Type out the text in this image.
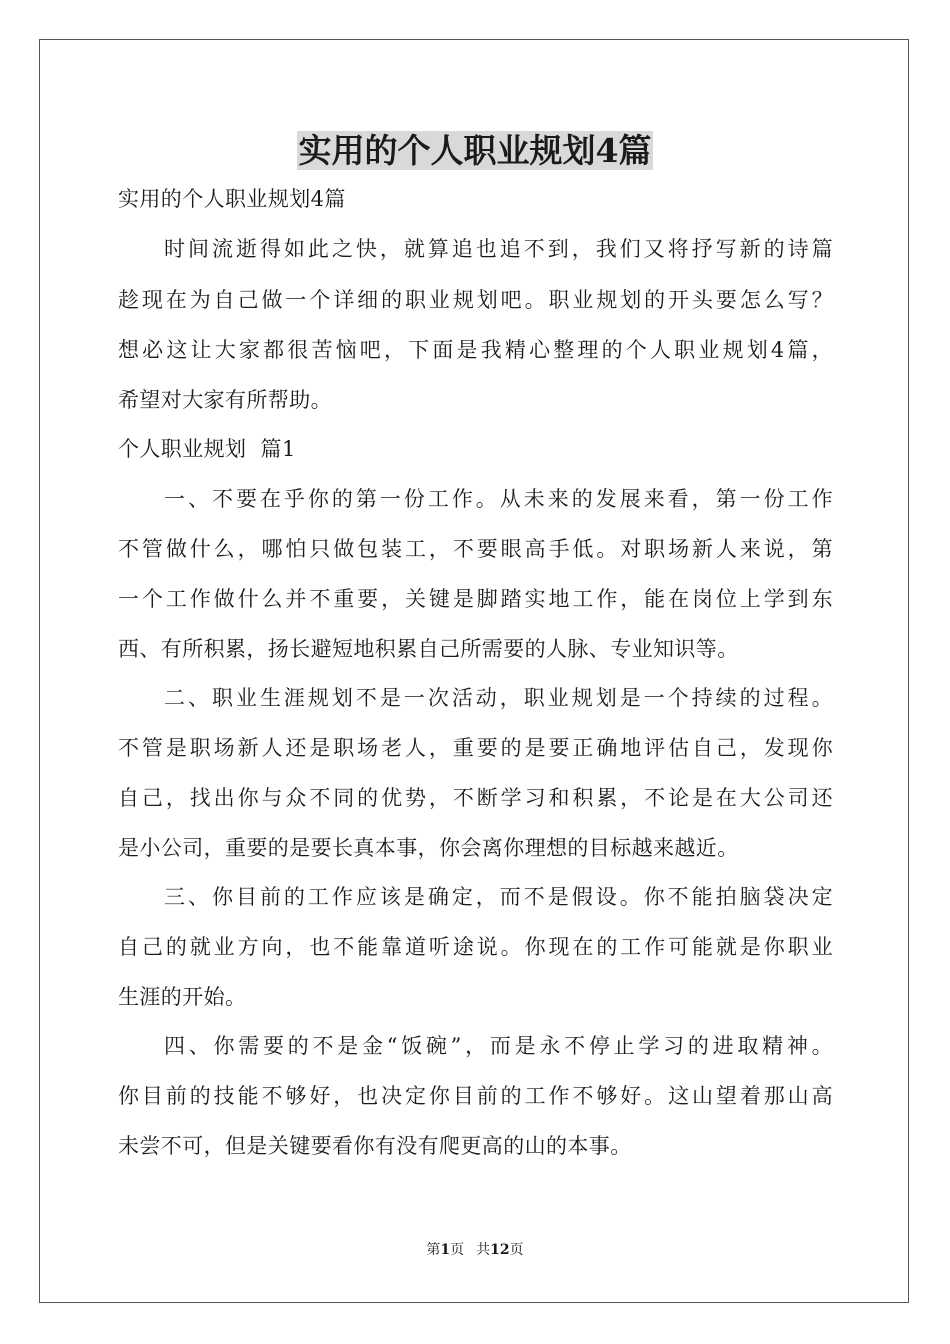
实用的个人职业规划4篇
实用的个人职业规划4篇
时间流逝得如此之快，就算追也追不到，我们又将抒写新的诗篇
趁现在为自己做一个详细的职业规划吧。职业规划的开头要怎么写？
想必这让大家都很苦恼吧，下面是我精心整理的个人职业规划4篇，
希望对大家有所帮助。
个人职业规划  篇1
一、不要在乎你的第一份工作。从未来的发展来看，第一份工作
不管做什么，哪怕只做包装工，不要眼高手低。对职场新人来说，第
一个工作做什么并不重要，关键是脚踏实地工作，能在岗位上学到东
西、有所积累，扬长避短地积累自己所需要的人脉、专业知识等。
二、职业生涯规划不是一次活动，职业规划是一个持续的过程。
不管是职场新人还是职场老人，重要的是要正确地评估自己，发现你
自己，找出你与众不同的优势，不断学习和积累，不论是在大公司还
是小公司，重要的是要长真本事，你会离你理想的目标越来越近。
三、你目前的工作应该是确定，而不是假设。你不能拍脑袋决定
自己的就业方向，也不能靠道听途说。你现在的工作可能就是你职业
生涯的开始。
四、你需要的不是金“饭碗”，而是永不停止学习的进取精神。
你目前的技能不够好，也决定你目前的工作不够好。这山望着那山高
未尝不可，但是关键要看你有没有爬更高的山的本事。
第1页 共12页
